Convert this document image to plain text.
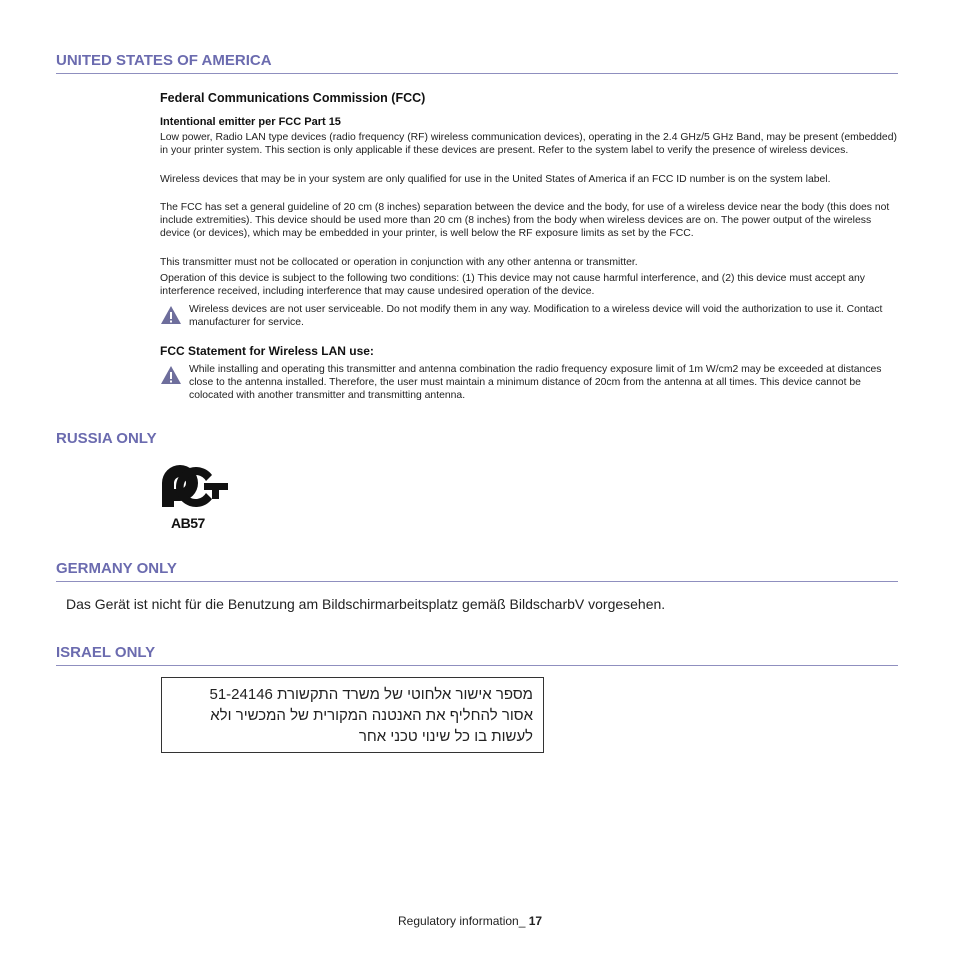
UNITED STATES OF AMERICA
Federal Communications Commission (FCC)
Intentional emitter per FCC Part 15

Low power, Radio LAN type devices (radio frequency (RF) wireless communication devices), operating in the 2.4 GHz/5 GHz Band, may be present (embedded) in your printer system. This section is only applicable if these devices are present. Refer to the system label to verify the presence of wireless devices.

Wireless devices that may be in your system are only qualified for use in the United States of America if an FCC ID number is on the system label.

The FCC has set a general guideline of 20 cm (8 inches) separation between the device and the body, for use of a wireless device near the body (this does not include extremities). This device should be used more than 20 cm (8 inches) from the body when wireless devices are on. The power output of the wireless device (or devices), which may be embedded in your printer, is well below the RF exposure limits as set by the FCC.

This transmitter must not be collocated or operation in conjunction with any other antenna or transmitter.

Operation of this device is subject to the following two conditions: (1) This device may not cause harmful interference, and (2) this device must accept any interference received, including interference that may cause undesired operation of the device.

Wireless devices are not user serviceable. Do not modify them in any way. Modification to a wireless device will void the authorization to use it. Contact manufacturer for service.
FCC Statement for Wireless LAN use:
While installing and operating this transmitter and antenna combination the radio frequency exposure limit of 1m W/cm2 may be exceeded at distances close to the antenna installed. Therefore, the user must maintain a minimum distance of 20cm from the antenna at all times. This device cannot be colocated with another transmitter and transmitting antenna.
RUSSIA ONLY
AB57
GERMANY ONLY
Das Gerät ist nicht für die Benutzung am Bildschirmarbeitsplatz gemäß BildscharbV vorgesehen.
ISRAEL ONLY
מספר אישור אלחוטי של משרד התקשורת 51-24146
אסור להחליף את האנטנה המקורית של המכשיר ולא
לעשות בו כל שינוי טכני אחר
Regulatory information_ 17
